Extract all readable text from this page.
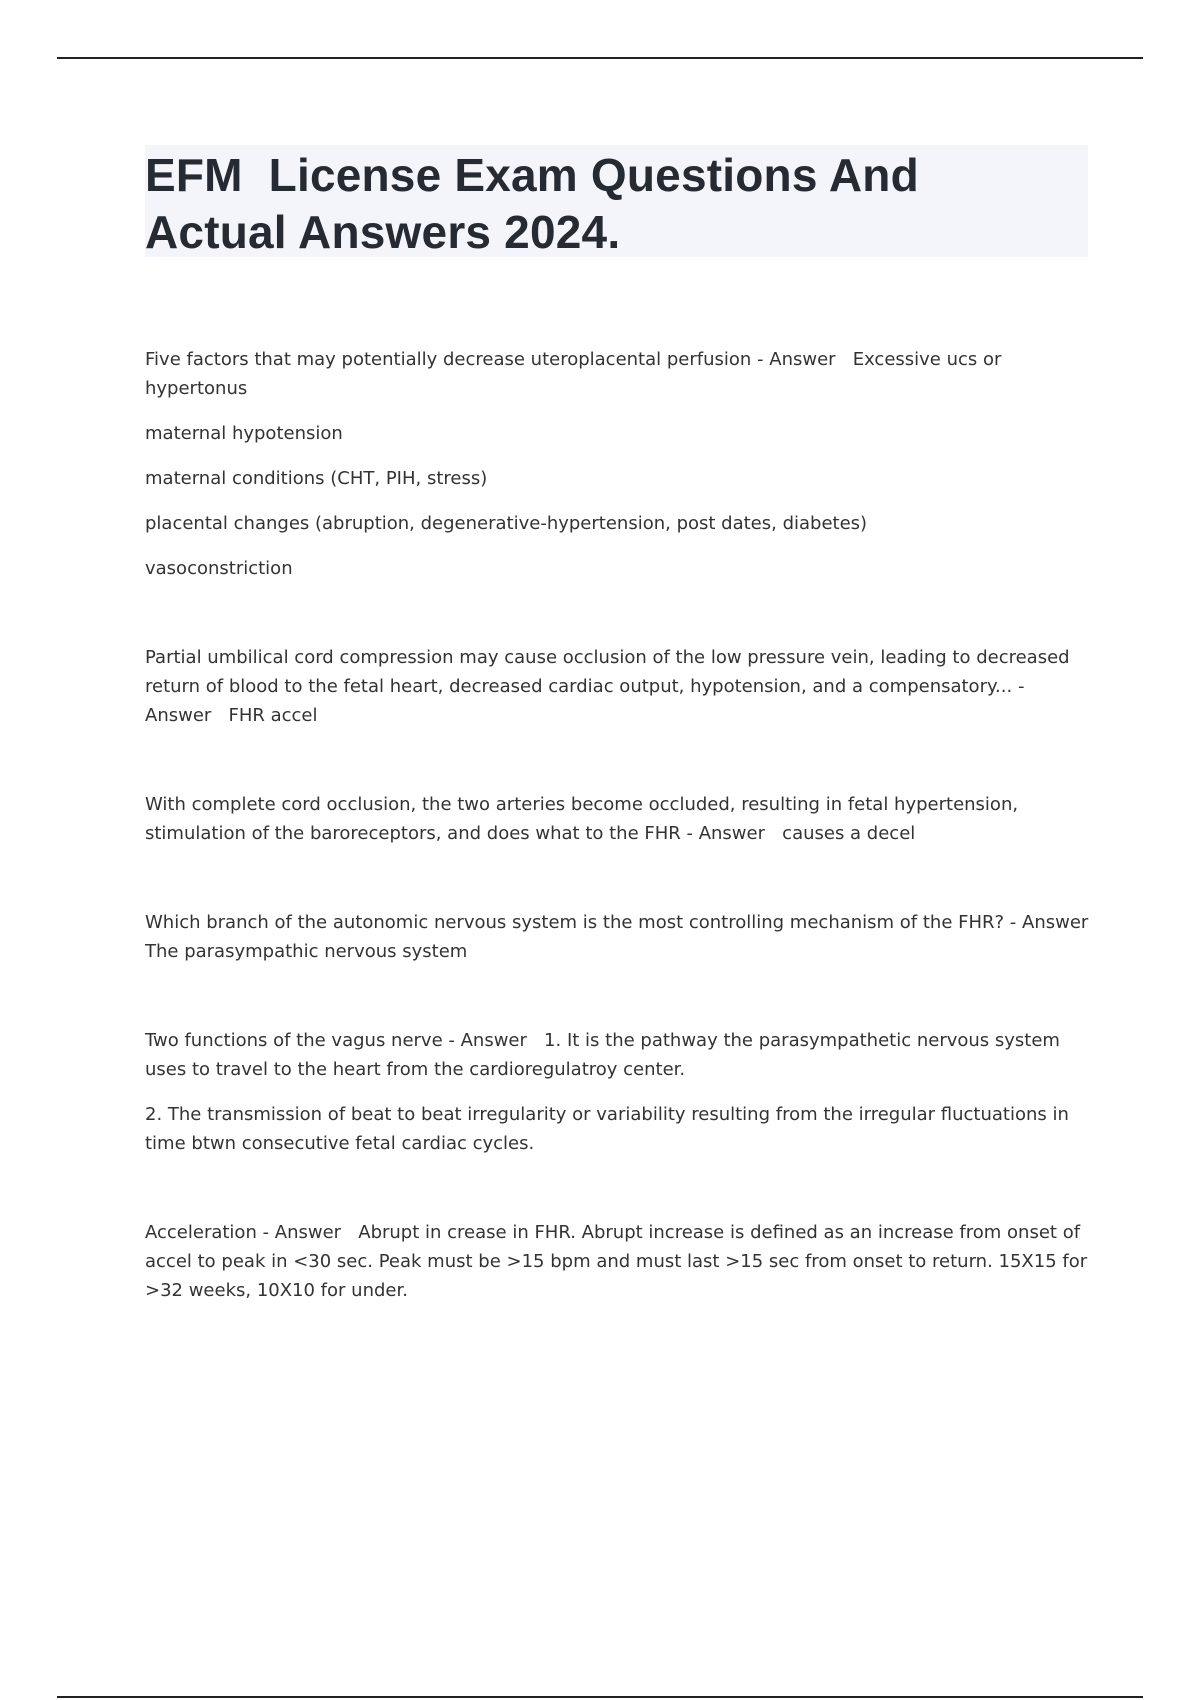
EFM  License Exam Questions And
Actual Answers 2024.

Five factors that may potentially decrease uteroplacental perfusion - Answer   Excessive ucs or hypertonus

maternal hypotension

maternal conditions (CHT, PIH, stress)

placental changes (abruption, degenerative-hypertension, post dates, diabetes)

vasoconstriction

Partial umbilical cord compression may cause occlusion of the low pressure vein, leading to decreased return of blood to the fetal heart, decreased cardiac output, hypotension, and a compensatory... - Answer   FHR accel

With complete cord occlusion, the two arteries become occluded, resulting in fetal hypertension, stimulation of the baroreceptors, and does what to the FHR - Answer   causes a decel

Which branch of the autonomic nervous system is the most controlling mechanism of the FHR? - Answer   The parasympathic nervous system

Two functions of the vagus nerve - Answer   1. It is the pathway the parasympathetic nervous system uses to travel to the heart from the cardioregulatroy center.

2. The transmission of beat to beat irregularity or variability resulting from the irregular fluctuations in time btwn consecutive fetal cardiac cycles.

Acceleration - Answer   Abrupt in crease in FHR. Abrupt increase is defined as an increase from onset of accel to peak in <30 sec. Peak must be >15 bpm and must last >15 sec from onset to return. 15X15 for >32 weeks, 10X10 for under.
